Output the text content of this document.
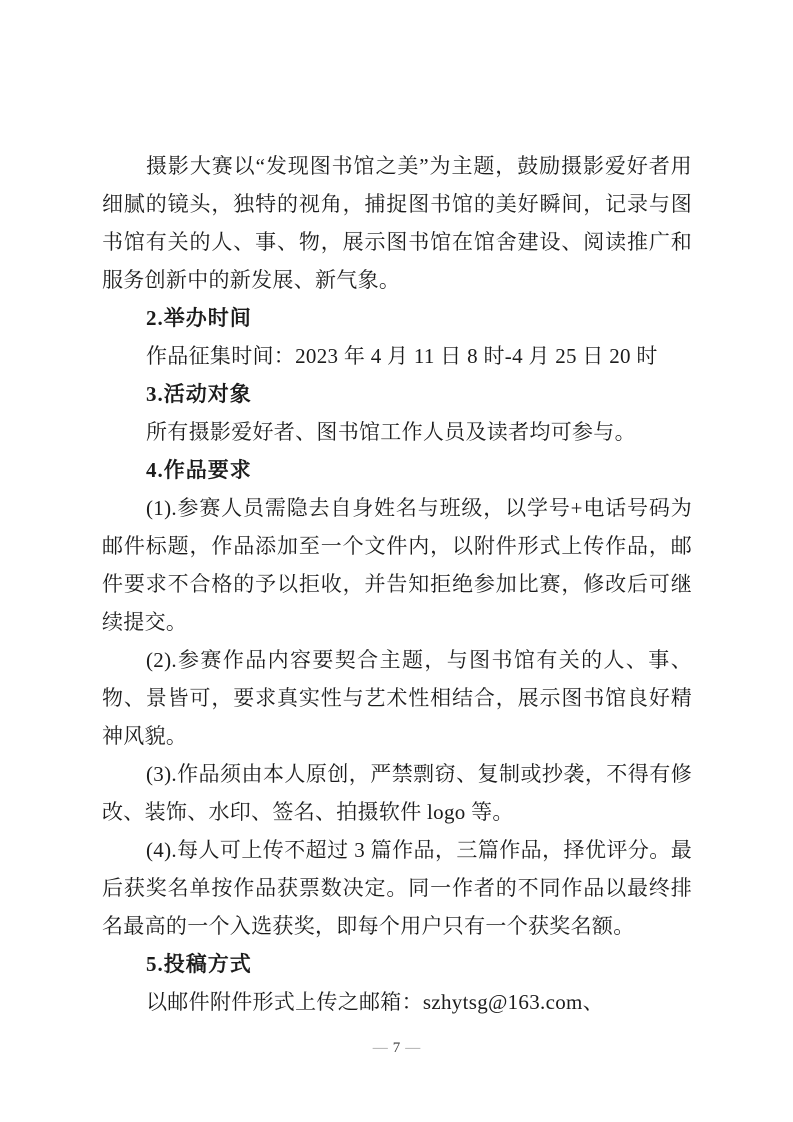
摄影大赛以“发现图书馆之美”为主题，鼓励摄影爱好者用细腻的镜头，独特的视角，捕捉图书馆的美好瞬间，记录与图书馆有关的人、事、物，展示图书馆在馆舍建设、阅读推广和服务创新中的新发展、新气象。

2.举办时间

作品征集时间：2023 年 4 月 11 日 8 时-4 月 25 日 20 时

3.活动对象

所有摄影爱好者、图书馆工作人员及读者均可参与。

4.作品要求

(1).参赛人员需隐去自身姓名与班级，以学号+电话号码为邮件标题，作品添加至一个文件内，以附件形式上传作品，邮件要求不合格的予以拒收，并告知拒绝参加比赛，修改后可继续提交。

(2).参赛作品内容要契合主题，与图书馆有关的人、事、物、景皆可，要求真实性与艺术性相结合，展示图书馆良好精神风貌。

(3).作品须由本人原创，严禁剽窃、复制或抄袭，不得有修改、装饰、水印、签名、拍摄软件 logo 等。

(4).每人可上传不超过 3 篇作品，三篇作品，择优评分。最后获奖名单按作品获票数决定。同一作者的不同作品以最终排名最高的一个入选获奖，即每个用户只有一个获奖名额。

5.投稿方式

以邮件附件形式上传之邮箱：szhytsg@163.com、

— 7 —
